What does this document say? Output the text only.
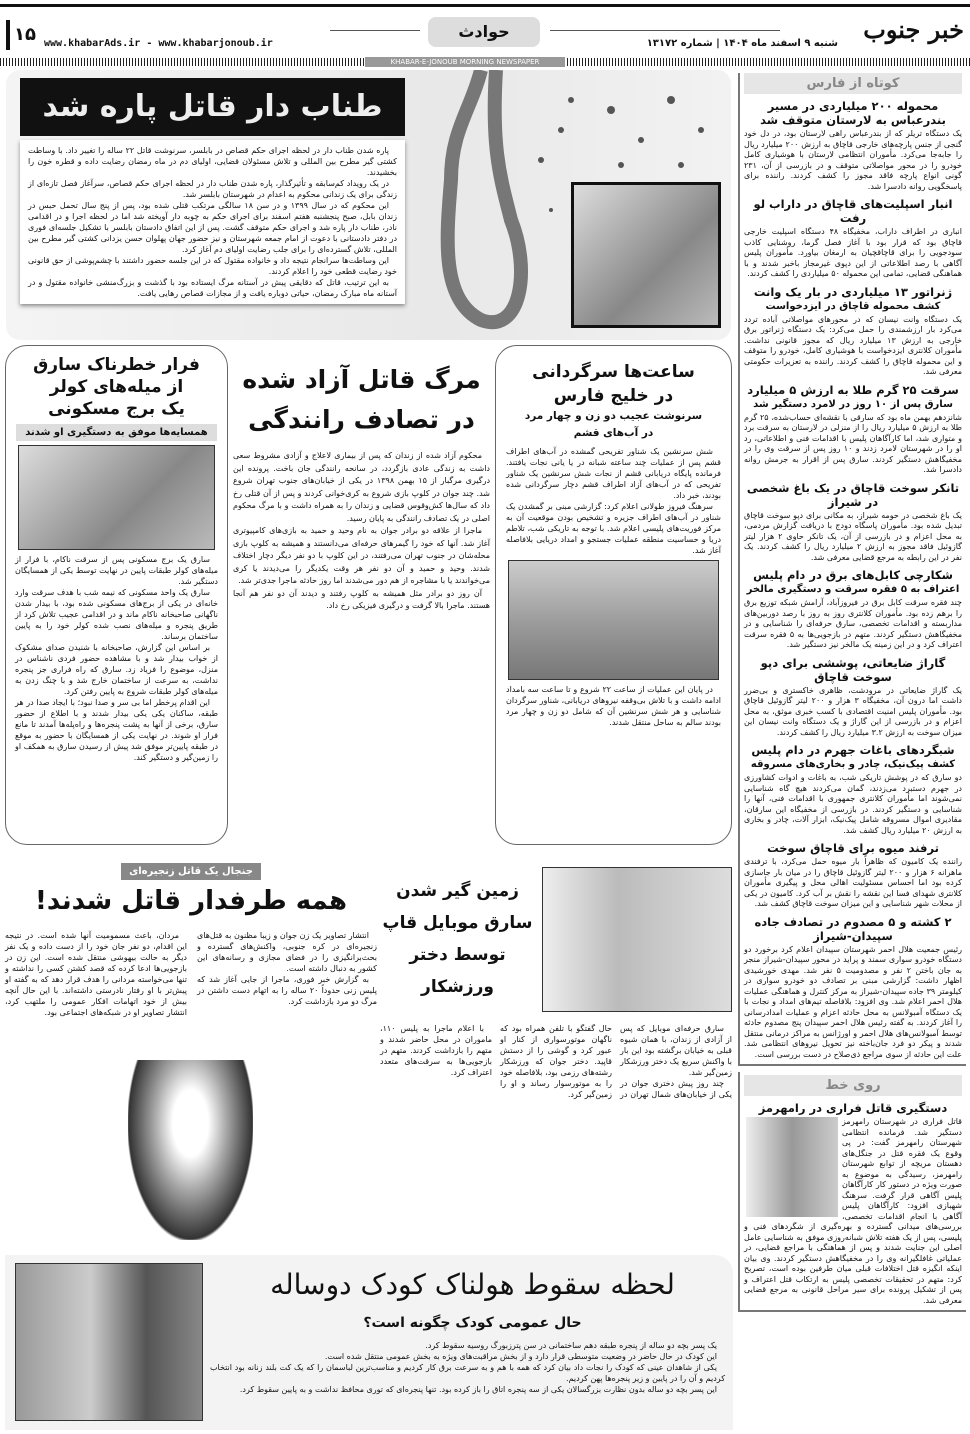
خبر جنوب
شنبه ۹ اسفند ماه ۱۴۰۴ | شماره ۱۳۱۷۲
حوادث
www.khabarAds.ir - www.khabarjonoub.ir
۱۵
KHABAR-E-JONOUB MORNING NEWSPAPER
طناب دار قاتل پاره شد

پاره شدن طناب دار در لحظه اجرای حکم قصاص در بابلسر، سرنوشت قاتل ۲۲ ساله را تغییر داد. با وساطت کشتی گیر مطرح بین المللی و تلاش مسئولان قضایی، اولیای دم در ماه رمضان رضایت داده و قطره خون را بخشیدند.

در یک رویداد کم‌سابقه و تأثیرگذار، پاره شدن طناب دار در لحظه اجرای حکم قصاص، سرآغاز فصل تازه‌ای از زندگی برای یک زندانی محکوم به اعدام در شهرستان بابلسر شد.

این محکوم که در سال ۱۳۹۹ و در سن ۱۸ سالگی مرتکب قتلی شده بود، پس از پنج سال تحمل حبس در زندان بابل، صبح پنجشنبه هفتم اسفند برای اجرای حکم به چوبه دار آویخته شد اما در لحظه اجرا و در اقدامی نادر، طناب دار پاره شد و اجرای حکم متوقف گشت. پس از این اتفاق دادستان بابلسر با تشکیل جلسه‌ای فوری در دفتر دادستانی با دعوت از امام جمعه شهرستان و نیز حضور جهان پهلوان حسن یزدانی کشتی گیر مطرح بین المللی، تلاش گسترده‌ای را برای جلب رضایت اولیای دم آغاز کرد.

این وساطت‌ها سرانجام نتیجه داد و خانواده مقتول که در این جلسه حضور داشتند با چشم‌پوشی از حق قانونی خود رضایت قطعی خود را اعلام کردند.

به این ترتیب، قاتل که دقایقی پیش در آستانه مرگ ایستاده بود با گذشت و بزرگ‌منشی خانواده مقتول و در آستانه ماه مبارک رمضان، حیاتی دوباره یافت و از مجازات قصاص رهایی یافت.

فرار خطرناک سارق
از میله‌های کولر
یک برج مسکونی
همسایه‌ها موفق به دستگیری او شدند

سارق یک برج مسکونی پس از سرقت ناکام، با فرار از میله‌های کولر طبقات پایین در نهایت توسط یکی از همسایگان دستگیر شد.

سارق یک واحد مسکونی که نیمه شب با هدف سرقت وارد خانه‌ای در یکی از برج‌های مسکونی شده بود، با بیدار شدن ناگهانی صاحبخانه ناکام ماند و در اقدامی عجیب تلاش کرد از طریق پنجره و میله‌های نصب شده کولر خود را به پایین ساختمان برساند.

بر اساس این گزارش، صاحبخانه با شنیدن صدای مشکوک از خواب بیدار شد و با مشاهده حضور فردی ناشناس در منزل، موضوع را فریاد زد. سارق که راه فراری جز پنجره نداشت، به سرعت از ساختمان خارج شد و با چنگ زدن به میله‌های کولر طبقات شروع به پایین رفتن کرد.

این اقدام پرخطر اما بی سر و صدا نبود؛ با ایجاد صدا در هر طبقه، ساکنان یکی یکی بیدار شدند و با اطلاع از حضور سارق، برخی از آنها به پشت پنجره‌ها و راه‌پله‌ها آمدند تا مانع فرار او شوند. در نهایت یکی از همسایگان با حضور به موقع در طبقه پایین‌تر موفق شد پیش از رسیدن سارق به همکف او را زمین‌گیر و دستگیر کند.

مرگ قاتل آزاد شده
در تصادف رانندگی

محکوم آزاد شده از زندان که پس از بیماری لاعلاج و آزادی مشروط سعی داشت به زندگی عادی بازگردد، در سانحه رانندگی جان باخت. پرونده این درگیری مرگبار از ۱۵ بهمن ۱۳۹۸ در یکی از خیابان‌های جنوب تهران شروع شد. چند جوان در کلوپ بازی شروع به کری‌خوانی کردند و پس از آن قتلی رخ داد که سال‌ها کش‌وقوس قضایی و زندان را به همراه داشت و با مرگ محکوم اصلی در یک تصادف رانندگی به پایان رسید.

ماجرا از علاقه دو برادر جوان به نام وحید و حمید به بازی‌های کامپیوتری آغاز شد. آنها که خود را گیمرهای حرفه‌ای می‌دانستند و همیشه به کلوپ بازی محله‌شان در جنوب تهران می‌رفتند، در این کلوپ با دو نفر دیگر دچار اختلاف شدند. وحید و حمید و آن دو نفر هر وقت یکدیگر را می‌دیدند یا کری می‌خواندند یا با مشاجره از هم دور می‌شدند اما روز حادثه ماجرا جدی‌تر شد.

آن روز دو برادر مثل همیشه به کلوپ رفتند و دیدند آن دو نفر هم آنجا هستند. ماجرا بالا گرفت و درگیری فیزیکی رخ داد.

ساعت‌ها سرگردانی
در خلیج فارس
سرنوشت عجیب دو زن و چهار مرد
در آب‌های قشم

شش سرنشین یک شناور تفریحی گمشده در آب‌های اطراف قشم پس از عملیات چند ساعته شبانه در یا یانی نجات یافتند. فرمانده پایگاه دریابانی قشم از نجات شش سرنشین یک شناور تفریحی که در آب‌های آزاد اطراف قشم دچار سرگردانی شده بودند، خبر داد.

سرهنگ فیروز طولانی اعلام کرد: گزارشی مبنی بر گمشدن یک شناور در آب‌های اطراف جزیره و تشخیص بودن موقعیت آن به مرکز فوریت‌های پلیسی اعلام شد. با توجه به تاریکی شب، تلاطم دریا و حساسیت منطقه عملیات جستجو و امداد دریایی بلافاصله آغاز شد.

در پایان این عملیات از ساعت ۲۲ شروع و تا ساعت سه بامداد ادامه داشت و با تلاش بی‌وقفه نیروهای دریابانی، شناور سرگردان شناسایی و هر شش سرنشین آن که شامل دو زن و چهار مرد بودند سالم به ساحل منتقل شدند.

جنجال یک قاتل زنجیره‌ای
همه طرفدار قاتل شدند!

انتشار تصاویر یک زن جوان و زیبا مظنون به قتل‌های زنجیره‌ای در کره جنوبی، واکنش‌های گسترده و بحث‌برانگیزی را در فضای مجازی و رسانه‌های این کشور به دنبال داشته است.

به گزارش خبر فوری، ماجرا از جایی آغاز شد که پلیس زنی حدوداً ۲۰ ساله را به اتهام دست داشتن در مرگ دو مرد بازداشت کرد.

مردان، باعث مسمومیت آنها شده است. در نتیجه این اقدام، دو نفر جان خود را از دست داده و یک نفر دیگر به حالت بیهوشی منتقل شده است. این زن در بازجویی‌ها ادعا کرده که قصد کشتن کسی را نداشته و تنها می‌خواسته مردانی را هدف قرار دهد که به گفته او پیش‌تر با او رفتار نادرستی داشته‌اند. با این حال آنچه بیش از خود اتهامات افکار عمومی را ملتهب کرد، انتشار تصاویر او در شبکه‌های اجتماعی بود.

زمین گیر شدن
سارق موبایل قاپ
توسط دختر
ورزشکار

سارق حرفه‌ای موبایل که پس از آزادی از زندان، با همان شیوه قبلی به خیابان برگشته بود این بار با واکنش سریع یک دختر ورزشکار زمین‌گیر شد.

چند روز پیش دختری جوان در یکی از خیابان‌های شمال تهران در حال گفتگو با تلفن همراه بود که ناگهان موتورسواری از کنار او عبور کرد و گوشی را از دستش قاپید. دختر جوان که ورزشکار رشته‌های رزمی بود، بلافاصله خود را به موتورسوار رساند و او را زمین‌گیر کرد.

با اعلام ماجرا به پلیس ۱۱۰، ماموران در محل حاضر شدند و متهم را بازداشت کردند. متهم در بازجویی‌ها به سرقت‌های متعدد اعتراف کرد.

لحظه سقوط هولناک کودک دوساله
حال عمومی کودک چگونه است؟

یک پسر بچه دو ساله از پنجره طبقه دهم ساختمانی در سن پترزبورگ روسیه سقوط کرد.

این کودک در حال حاضر در وضعیت متوسطی قرار دارد و از بخش مراقبت‌های ویژه به بخش عمومی منتقل شده است.

یکی از شاهدان عینی که کودک را نجات داد بیان کرد که همه با هم و به سرعت برق کار کردیم و مناسب‌ترین لباسمان را که یک کت بلند زنانه بود انتخاب کردیم و آن را در پایین و زیر پنجره‌ها پهن کردیم.

این پسر بچه دو ساله بدون نظارت بزرگسالان یکی از سه پنجره اتاق را باز کرده بود. تنها پنجره‌ای که توری محافظ نداشت و به پایین سقوط کرد.

کوتاه از فارس
محموله ۲۰۰ میلیاردی در مسیر بندرعباس به لارستان متوقف شد
یک دستگاه تریلر که از بندرعباس راهی لارستان بود، در دل خود گنجی از جنس پارچه‌های خارجی قاچاق به ارزش ۲۰۰ میلیارد ریال را جابه‌جا می‌کرد. مأموران انتظامی لارستان با هوشیاری کامل خودرو را در محور مواصلاتی متوقف و در بازرسی از آن، ۲۳۱ گونی انواع پارچه فاقد مجوز را کشف کردند. راننده برای پاسخگویی روانه دادسرا شد.
انبار اسپلیت‌های قاچاق در داراب لو رفت
انباری در اطراف داراب، مخفیگاه ۴۸ دستگاه اسپلیت خارجی قاچاق بود که قرار بود با آغاز فصل گرما، روشنایی کاذب سودجویی را برای قاچاقچیان به ارمغان بیاورد. مأموران پلیس آگاهی با رصد اطلاعاتی از این دپوی غیرمجاز باخبر شدند و با هماهنگی قضایی، تمامی این محموله ۵۰ میلیاردی را کشف کردند.
ژنراتور ۱۳ میلیاردی در بار یک وانت
کشف محموله قاچاق در ایزدخواست
یک دستگاه وانت نیسان که در محورهای مواصلاتی آباده تردد می‌کرد بار ارزشمندی را حمل می‌کرد: یک دستگاه ژنراتور برق خارجی به ارزش ۱۳ میلیارد ریال که مجوز قانونی نداشت. مأموران کلانتری ایزدخواست با هوشیاری کامل، خودرو را متوقف و این محموله قاچاق را کشف کردند. راننده به تعزیرات حکومتی معرفی شد.
سرقت ۲۵ گرم طلا به ارزش ۵ میلیارد
سارق پس از ۱۰ روز در لامرد دستگیر شد
شانزدهم بهمن ماه بود که سارقی با نقشه‌ای حساب‌شده، ۲۵ گرم طلا به ارزش ۵ میلیارد ریال را از منزلی در لارستان به سرقت برد و متواری شد، اما کارآگاهان پلیس با اقدامات فنی و اطلاعاتی، رد او را در شهرستان لامرد زدند و ۱۰ روز پس از سرقت وی را در مخفیگاهش دستگیر کردند. سارق پس از اقرار به جرمش روانه دادسرا شد.
تانکر سوخت قاچاق در یک باغ شخصی در شیراز
یک باغ شخصی در حومه شیراز، به مکانی برای دپو سوخت قاچاق تبدیل شده بود. مأموران پاسگاه دودج با دریافت گزارش مردمی، به محل اعزام و در بازرسی از آن، یک تانکر حاوی ۲ هزار لیتر گازوئیل فاقد مجوز به ارزش ۲ میلیارد ریال را کشف کردند. یک نفر در این رابطه به مرجع قضایی معرفی شد.
شکارچی کابل‌های برق در دام پلیس
اعتراف به ۵ فقره سرقت و دستگیری مالخر
چند فقره سرقت کابل برق در فیروزآباد، آرامش شبکه توزیع برق را برهم زده بود. مأموران کلانتری روز به روز با رصد دوربین‌های مداربسته و اقدامات تخصصی، سارق حرفه‌ای را شناسایی و در مخفیگاهش دستگیر کردند. متهم در بازجویی‌ها به ۵ فقره سرقت اعتراف کرد و در این زمینه یک مالخر نیز دستگیر شد.
گاراژ ضایعاتی، پوششی برای دپو سوخت قاچاق
یک گاراژ ضایعاتی در مرودشت، ظاهری خاکستری و بی‌ضرر داشت اما درون آن، مخفیگاه ۳ هزار و ۲۰۰ لیتر گازوئیل قاچاق بود. مأموران پلیس امنیت اقتصادی با کسب خبری موثق، به محل اعزام و در بازرسی از این گاراژ و یک دستگاه وانت نیسان این میزان سوخت به ارزش ۳.۲ میلیارد ریال را کشف کردند.
شبگردهای باغات جهرم در دام پلیس
کشف پیک‌نیک، چادر و بخاری‌های مسروقه
دو سارق که در پوشش تاریکی شب، به باغات و ادوات کشاورزی در جهرم دستبرد می‌زدند، گمان می‌کردند هیچ گاه شناسایی نمی‌شوند اما مأموران کلانتری جمهوری با اقدامات فنی، آنها را شناسایی و دستگیر کردند. در بازرسی از مخفیگاه این سارقان، مقادیری اموال مسروقه شامل پیک‌نیک، ابزار آلات، چادر و بخاری به ارزش ۲۰ میلیارد ریال کشف شد.
ترفند میوه برای قاچاق سوخت
راننده یک کامیون که ظاهراً بار میوه حمل می‌کرد، با ترفندی ماهرانه ۶ هزار و ۲۰۰ لیتر گازوئیل قاچاق را در میان بار جاسازی کرده بود اما احساس مسئولیت اهالی محل و پیگیری مأموران کلانتری شهدای فسا این نقشه را نقش بر آب کرد. کامیون در یکی از محلات شهر شناسایی و این میزان سوخت قاچاق کشف شد.
۲ کشته و ۵ مصدوم در تصادف جاده سپیدان-شیراز
رئیس جمعیت هلال احمر شهرستان سپیدان اعلام کرد برخورد دو دستگاه خودرو سواری سمند و پراید در محور سپیدان-شیراز منجر به جان باختن ۲ نفر و مصدومیت ۵ نفر شد. مهدی خورشیدی اظهار داشت: گزارشی مبنی بر تصادف دو خودرو سواری در کیلومتر ۳۹ جاده سپیدان-شیراز به مرکز کنترل و هماهنگی عملیات هلال احمر اعلام شد. وی افزود: بلافاصله تیم‌های امداد و نجات با یک دستگاه آمبولانس به محل حادثه اعزام و عملیات امدادرسانی را آغاز کردند. به گفته رئیس هلال احمر سپیدان پنج مصدوم حادثه توسط آمبولانس‌های هلال احمر و اورژانس به مراکز درمانی منتقل شدند و پیکر دو فرد جان‌باخته نیز تحویل نیروهای انتظامی شد. علت این حادثه از سوی مراجع ذی‌صلاح در دست بررسی است.
روی خط
دستگیری قاتل فراری در رامهرمز
قاتل فراری در شهرستان رامهرمز دستگیر شد. فرمانده انتظامی شهرستان رامهرمز گفت: در پی وقوع یک فقره قتل در جنگل‌های دهستان مریچه از توابع شهرستان رامهرمز، رسیدگی به موضوع به صورت ویژه در دستور کار کارآگاهان پلیس آگاهی قرار گرفت. سرهنگ شهبازی افزود: کارآگاهان پلیس آگاهی با انجام اقدامات تخصصی، بررسی‌های میدانی گسترده و بهره‌گیری از شگردهای فنی و پلیسی، پس از یک هفته تلاش شبانه‌روزی موفق به شناسایی عامل اصلی این جنایت شدند و پس از هماهنگی با مراجع قضایی، در عملیاتی غافلگیرانه وی را در مخفیگاهش دستگیر کردند. وی بیان اینکه انگیزه قتل اختلافات قبلی میان طرفین بوده است، تصریح کرد: متهم در تحقیقات تخصصی پلیس به ارتکاب قتل اعتراف و پس از تشکیل پرونده برای سیر مراحل قانونی به مرجع قضایی معرفی شد.
